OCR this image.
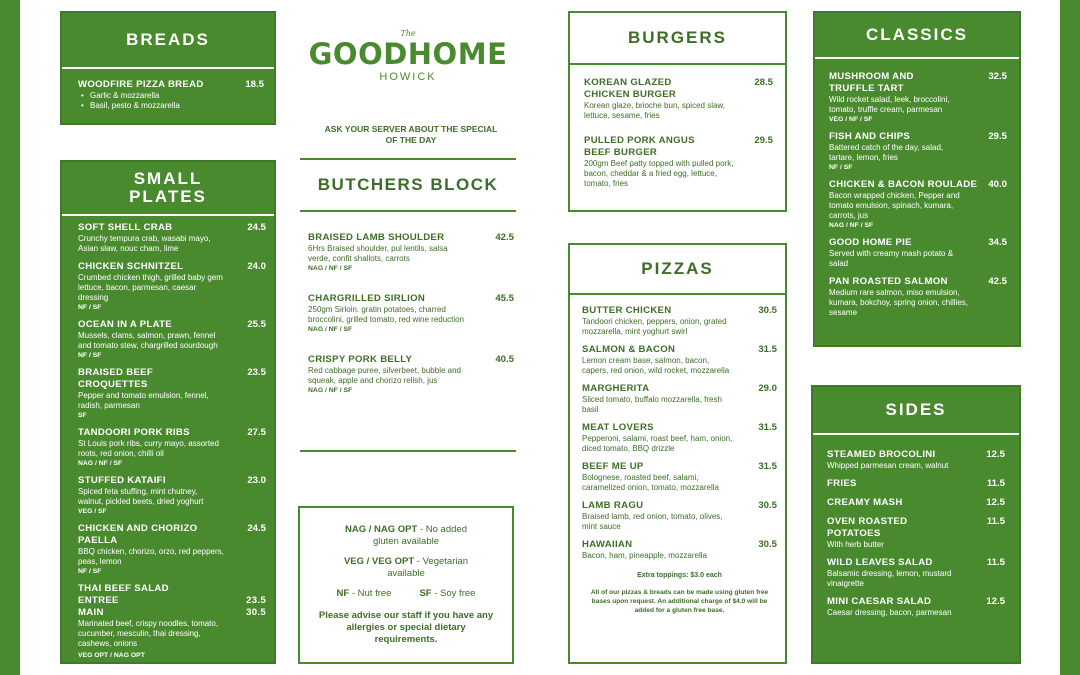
BREADS
WOODFIRE PIZZA BREAD	18.5
• Garlic & mozzarella
• Basil, pesto & mozzarella
SMALL PLATES
SOFT SHELL CRAB	24.5
Crunchy tempura crab, wasabi mayo, Asian slaw, nouc cham, lime
CHICKEN SCHNITZEL	24.0
Crumbed chicken thigh, grilled baby gem lettuce, bacon, parmesan, caesar dressing
NF / SF
OCEAN IN A PLATE	25.5
Mussels, clams, salmon, prawn, fennel and tomato stew, chargrilled sourdough
NF / SF
BRAISED BEEF CROQUETTES
23.5
Pepper and tomato emulsion, fennel, radish, parmesan
SF
TANDOORI PORK RIBS	27.5
St Louis pork ribs, curry mayo, assorted roots, red onion, chilli oil
NAG / NF / SF
STUFFED KATAIFI	23.0
Spiced feta stuffing, mint chutney, walnut, pickled beets, dried yoghurt
VEG / SF
CHICKEN AND CHORIZO PAELLA
24.5
BBQ chicken, chorizo, orzo, red peppers, peas, lemon
NF / SF
THAI BEEF SALAD
ENTREE	23.5
MAIN	30.5
Marinated beef, crispy noodles, tomato, cucumber, mesculin, thai dressing, cashews, onions
VEG OPT / NAG OPT
The
GOODHOME
HOWICK
ASK YOUR SERVER ABOUT THE SPECIAL OF THE DAY
BUTCHERS BLOCK
BRAISED LAMB SHOULDER	42.5
6Hrs Braised shoulder, pul lentils, salsa verde, confit shallots, carrots
NAG / NF / SF
CHARGRILLED SIRLION	45.5
250gm Sirloin. gratin potatoes, charred broccolini, grilled tomato, red wine reduction
NAG / NF / SF
CRISPY PORK BELLY	40.5
Red cabbage puree, silverbeet, bubble and squeak, apple and chorizo relish, jus
NAG / NF / SF
NAG / NAG OPT - No added gluten available
VEG / VEG OPT - Vegetarian available
NF - Nut free	SF - Soy free
Please advise our staff if you have any allergies or special dietary requirements.
BURGERS
KOREAN GLAZED CHICKEN BURGER
28.5
Korean glaze, brioche bun, spiced slaw, lettuce, sesame, fries
PULLED PORK ANGUS BEEF BURGER
29.5
200gm Beef patty topped with pulled pork, bacon, cheddar & a fried egg, lettuce, tomato, fries
PIZZAS
BUTTER CHICKEN	30.5
Tandoori chicken, peppers, onion, grated mozzarella, mint yoghurt swirl
SALMON & BACON	31.5
Lemon cream base, salmon, bacon, capers, red onion, wild rocket, mozzarella
MARGHERITA	29.0
Sliced tomato, buffalo mozzarella, fresh basil
MEAT LOVERS	31.5
Pepperoni, salami, roast beef, ham, onion, diced tomato, BBQ drizzle
BEEF ME UP	31.5
Bolognese, roasted beef, salami, caramelized onion, tomato, mozzarella
LAMB RAGU	30.5
Braised lamb, red onion, tomato, olives, mint sauce
HAWAIIAN	30.5
Bacon, ham, pineapple, mozzarella
Extra toppings: $3.0 each
All of our pizzas & breads can be made using gluten free bases upon request. An additional charge of $4.0 will be added for a gluten free base.
CLASSICS
MUSHROOM AND TRUFFLE TART
32.5
Wild rocket salad, leek, broccolini, tomato, truffle cream, parmesan
VEG / NF / SF
FISH AND CHIPS	29.5
Battered catch of the day, salad, tartare, lemon, fries
NF / SF
CHICKEN & BACON ROULADE 40.0
Bacon wrapped chicken, Pepper and tomato emulsion, spinach, kumara, carrots, jus
NAG / NF / SF
GOOD HOME PIE	34.5
Served with creamy mash potato & salad
PAN ROASTED SALMON	42.5
Medium rare salmon, miso emulsion, kumara, bokchoy, spring onion, chillies, sesame
SIDES
STEAMED BROCOLINI	12.5
Whipped parmesan cream, walnut
FRIES	11.5
CREAMY MASH	12.5
OVEN ROASTED POTATOES
11.5
With herb butter
WILD LEAVES SALAD	11.5
Balsamic dressing, lemon, mustard vinaigrette
MINI CAESAR SALAD	12.5
Caesar dressing, bacon, parmesan
